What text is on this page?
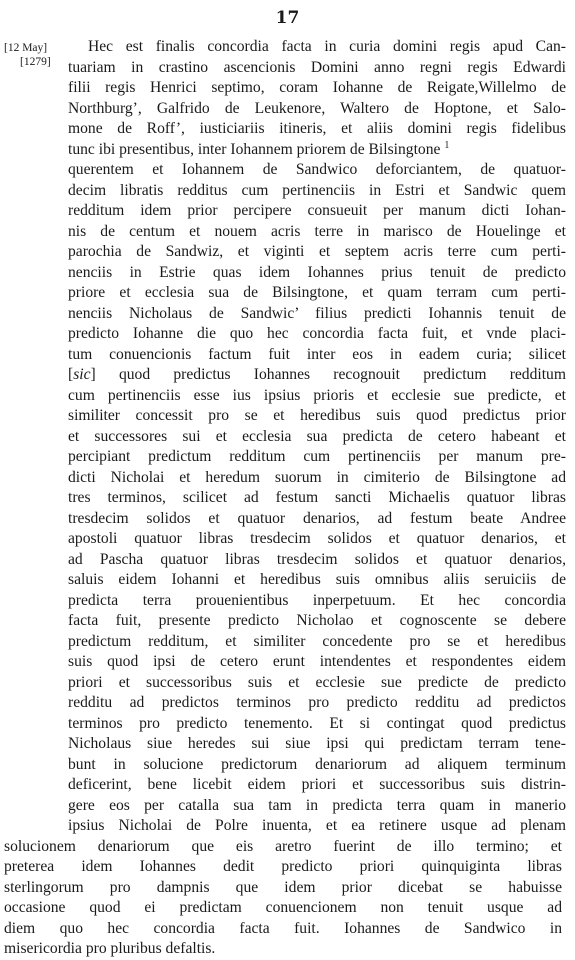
17
[12 May]
[1279]
Hec est finalis concordia facta in curia domini regis apud Can-
tuariam in crastino ascencionis Domini anno regni regis Edwardi
filii regis Henrici septimo, coram Iohanne de Reigate,Willelmo de
Northburg’, Galfrido de Leukenore, Waltero de Hoptone, et Salo-
mone de Roff’, iusticiariis itineris, et aliis domini regis fidelibus
tunc ibi presentibus, inter Iohannem priorem de Bilsingtone $^1$
querentem et Iohannem de Sandwico deforciantem, de quatuor-
decim libratis redditus cum pertinenciis in Estri et Sandwic quem
redditum idem prior percipere consueuit per manum dicti Iohan-
nis de centum et nouem acris terre in marisco de Houelinge et
parochia de Sandwiz, et viginti et septem acris terre cum perti-
nenciis in Estrie quas idem Iohannes prius tenuit de predicto
priore et ecclesia sua de Bilsingtone, et quam terram cum perti-
nenciis Nicholaus de Sandwic’ filius predicti Iohannis tenuit de
predicto Iohanne die quo hec concordia facta fuit, et vnde placi-
tum conuencionis factum fuit inter eos in eadem curia; silicet
[sic] quod predictus Iohannes recognouit predictum redditum
cum pertinenciis esse ius ipsius prioris et ecclesie sue predicte, et
similiter concessit pro se et heredibus suis quod predictus prior
et successores sui et ecclesia sua predicta de cetero habeant et
percipiant predictum redditum cum pertinenciis per manum pre-
dicti Nicholai et heredum suorum in cimiterio de Bilsingtone ad
tres terminos, scilicet ad festum sancti Michaelis quatuor libras
tresdecim solidos et quatuor denarios, ad festum beate Andree
apostoli quatuor libras tresdecim solidos et quatuor denarios, et
ad Pascha quatuor libras tresdecim solidos et quatuor denarios,
saluis eidem Iohanni et heredibus suis omnibus aliis seruiciis de
predicta terra prouenientibus inperpetuum. Et hec concordia
facta fuit, presente predicto Nicholao et cognoscente se debere
predictum redditum, et similiter concedente pro se et heredibus
suis quod ipsi de cetero erunt intendentes et respondentes eidem
priori et successoribus suis et ecclesie sue predicte de predicto
redditu ad predictos terminos pro predicto redditu ad predictos
terminos pro predicto tenemento. Et si contingat quod predictus
Nicholaus siue heredes sui siue ipsi qui predictam terram tene-
bunt in solucione predictorum denariorum ad aliquem terminum
deficerint, bene licebit eidem priori et successoribus suis distrin-
gere eos per catalla sua tam in predicta terra quam in manerio
ipsius Nicholai de Polre inuenta, et ea retinere usque ad plenam
solucionem denariorum que eis aretro fuerint de illo termino; et
preterea idem Iohannes dedit predicto priori quinquiginta libras
sterlingorum pro dampnis que idem prior dicebat se habuisse
occasione quod ei predictam conuencionem non tenuit usque ad
diem quo hec concordia facta fuit. Iohannes de Sandwico in
misericordia pro pluribus defaltis.
